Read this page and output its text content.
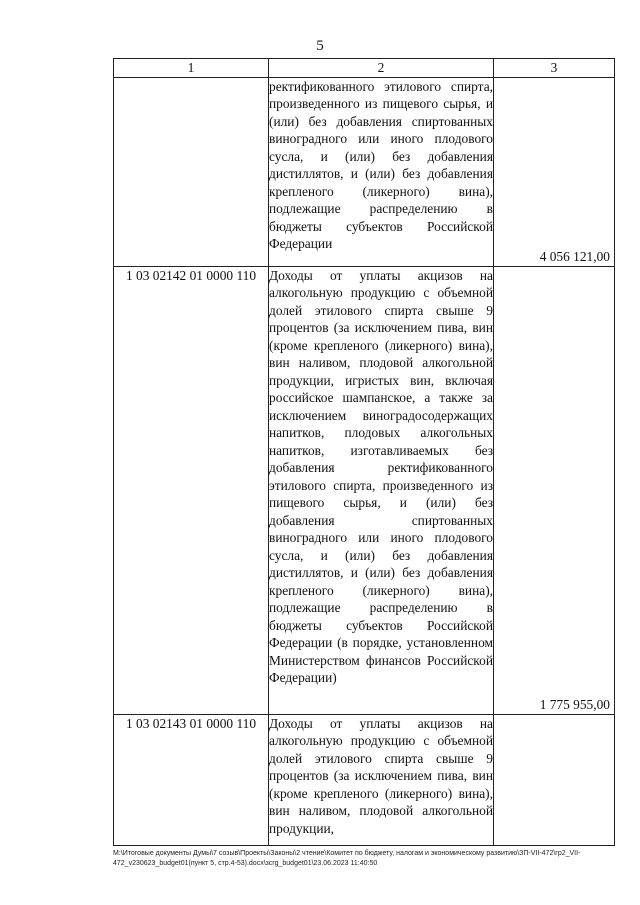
5
1	2	3
	ректификованного этилового спирта, произведенного из пищевого сырья, и (или) без добавления спиртованных виноградного или иного плодового сусла, и (или) без добавления дистиллятов, и (или) без добавления крепленого (ликерного) вина), подлежащие распределению в бюджеты субъектов Российской Федерации	4 056 121,00
1 03 02142 01 0000 110	Доходы от уплаты акцизов на алкогольную продукцию с объемной долей этилового спирта свыше 9 процентов (за исключением пива, вин (кроме крепленого (ликерного) вина), вин наливом, плодовой алкогольной продукции, игристых вин, включая российское шампанское, а также за исключением виноградосодержащих напитков, плодовых алкогольных напитков, изготавливаемых без добавления ректификованного этилового спирта, произведенного из пищевого сырья, и (или) без добавления спиртованных виноградного или иного плодового сусла, и (или) без добавления дистиллятов, и (или) без добавления крепленого (ликерного) вина), подлежащие распределению в бюджеты субъектов Российской Федерации (в порядке, установленном Министерством финансов Российской Федерации)	1 775 955,00
1 03 02143 01 0000 110	Доходы от уплаты акцизов на алкогольную продукцию с объемной долей этилового спирта свыше 9 процентов (за исключением пива, вин (кроме крепленого (ликерного) вина), вин наливом, плодовой алкогольной продукции,	
M:\Итоговые документы Думы\7 созыв\Проекты\Законы\2 чтение\Комитет по бюджету, налогам и экономическому развитию\ЗП-VII-472\гр2_VII-472_v230623_budget01(пункт 5, стр.4-53).docx\зсrg_budget01\23.06.2023 11:40:50
